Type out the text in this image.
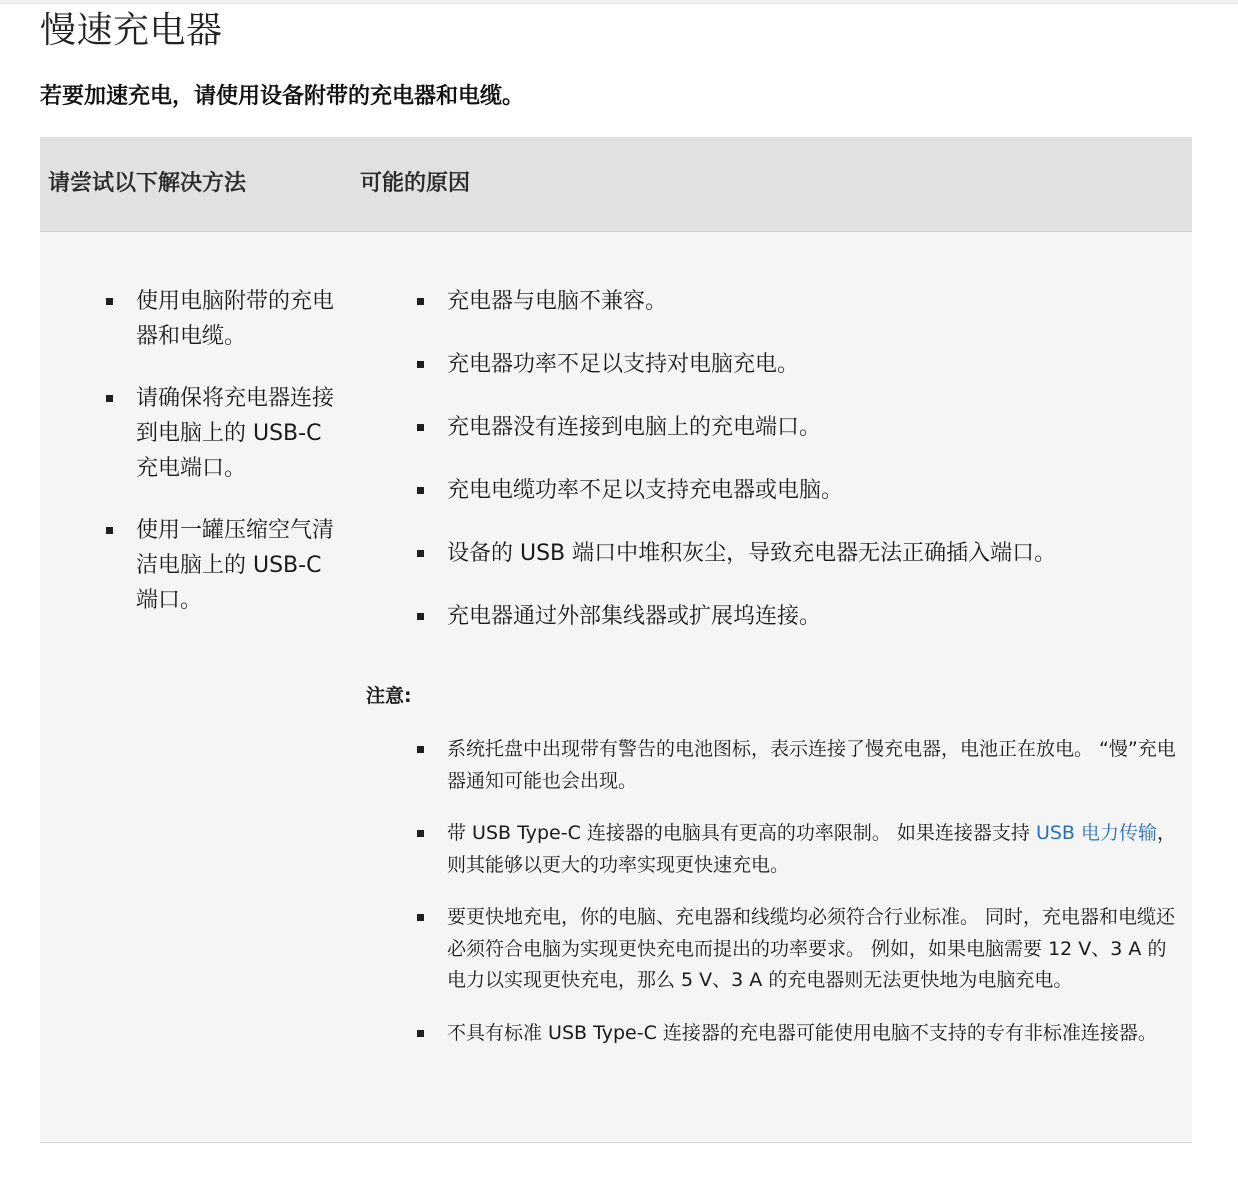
慢速充电器

若要加速充电，请使用设备附带的充电器和电缆。

请尝试以下解决方法	可能的原因
使用电脑附带的充电器和电缆。
请确保将充电器连接到电脑上的 USB-C 充电端口。
使用一罐压缩空气清洁电脑上的 USB-C 端口。
充电器与电脑不兼容。
充电器功率不足以支持对电脑充电。
充电器没有连接到电脑上的充电端口。
充电电缆功率不足以支持充电器或电脑。
设备的 USB 端口中堆积灰尘，导致充电器无法正确插入端口。
充电器通过外部集线器或扩展坞连接。
注意:
系统托盘中出现带有警告的电池图标，表示连接了慢充电器，电池正在放电。 “慢”充电器通知可能也会出现。
带 USB Type-C 连接器的电脑具有更高的功率限制。 如果连接器支持 USB 电力传输，则其能够以更大的功率实现更快速充电。
要更快地充电，你的电脑、充电器和线缆均必须符合行业标准。 同时，充电器和电缆还必须符合电脑为实现更快充电而提出的功率要求。 例如，如果电脑需要 12 V、3 A 的电力以实现更快充电，那么 5 V、3 A 的充电器则无法更快地为电脑充电。
不具有标准 USB Type-C 连接器的充电器可能使用电脑不支持的专有非标准连接器。
